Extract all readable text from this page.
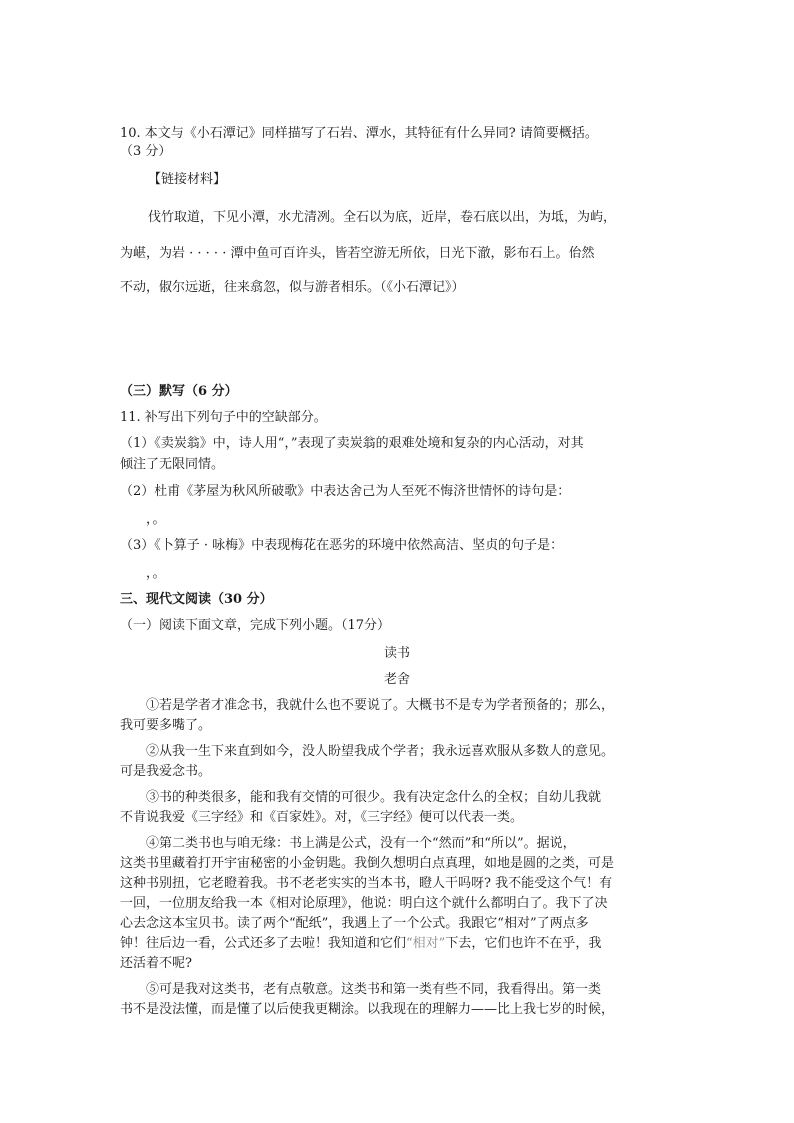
10. 本文与《小石潭记》同样描写了石岩、潭水，其特征有什么异同? 请简要概括。
（3 分）
【链接材料】
伐竹取道，下见小潭，水尤清冽。全石以为底，近岸，卷石底以出，为坻，为屿，
为嵁，为岩 · · · · · 潭中鱼可百许头，皆若空游无所依，日光下澈，影布石上。佁然
不动，俶尔远逝，往来翕忽，似与游者相乐。（《小石潭记》）
（三）默写（6 分）
11. 补写出下列句子中的空缺部分。
（1）《卖炭翁》中，诗人用“，”表现了卖炭翁的艰难处境和复杂的内心活动，对其
倾注了无限同情。
（2）杜甫《茅屋为秋风所破歌》中表达舍己为人至死不悔济世情怀的诗句是：
，。
（3）《卜算子 · 咏梅》中表现梅花在恶劣的环境中依然高洁、坚贞的句子是：
，。
三、现代文阅读（30 分）
（一）阅读下面文章，完成下列小题。（17分）
读书
老舍
①若是学者才准念书，我就什么也不要说了。大概书不是专为学者预备的；那么，
我可要多嘴了。
②从我一生下来直到如今，没人盼望我成个学者；我永远喜欢服从多数人的意见。
可是我爱念书。
③书的种类很多，能和我有交情的可很少。我有决定念什么的全权；自幼儿我就
不肯说我爱《三字经》和《百家姓》。对，《三字经》便可以代表一类。
④第二类书也与咱无缘：书上满是公式，没有一个“然而”和“所以”。据说，
这类书里藏着打开宇宙秘密的小金钥匙。我倒久想明白点真理，如地是圆的之类，可是
这种书别扭，它老瞪着我。书不老老实实的当本书，瞪人干吗呀? 我不能受这个气！有
一回，一位朋友给我一本《相对论原理》，他说：明白这个就什么都明白了。我下了决
心去念这本宝贝书。读了两个“配纸”，我遇上了一个公式。我跟它“相对”了两点多
钟！往后边一看，公式还多了去啦！我知道和它们“相对”下去，它们也许不在乎，我
还活着不呢?
⑤可是我对这类书，老有点敬意。这类书和第一类有些不同，我看得出。第一类
书不是没法懂，而是懂了以后使我更糊涂。以我现在的理解力——比上我七岁的时候，
